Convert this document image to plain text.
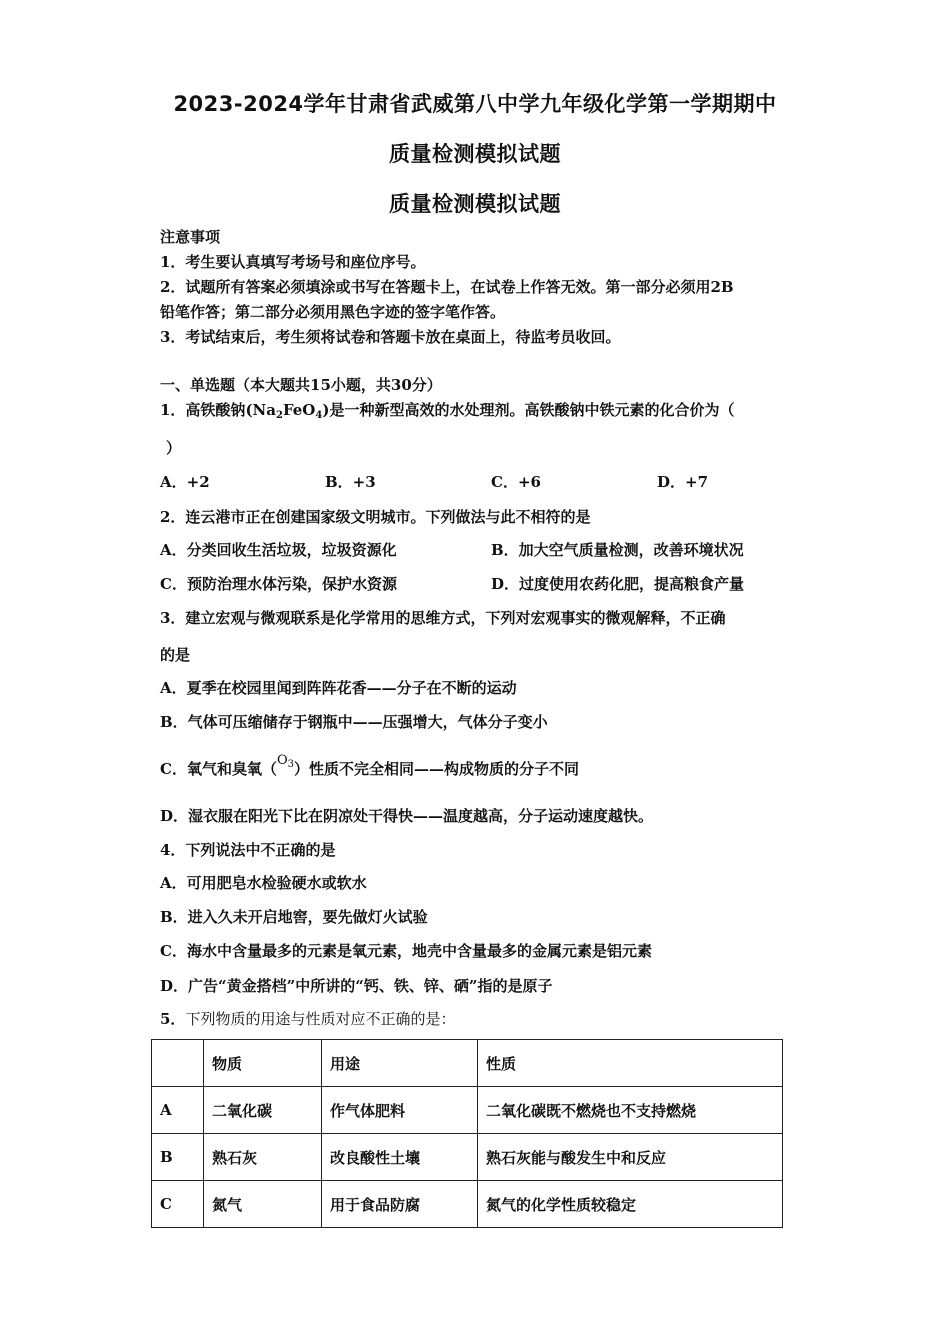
2023-2024学年甘肃省武威第八中学九年级化学第一学期期中
质量检测模拟试题
质量检测模拟试题
注意事项
1．考生要认真填写考场号和座位序号。
2．试题所有答案必须填涂或书写在答题卡上，在试卷上作答无效。第一部分必须用2B
铅笔作答；第二部分必须用黑色字迹的签字笔作答。
3．考试结束后，考生须将试卷和答题卡放在桌面上，待监考员收回。
一、单选题（本大题共15小题，共30分）
1．高铁酸钠$(Na_2FeO_4)$是一种新型高效的水处理剂。高铁酸钠中铁元素的化合价为（
）
A．+2	B．+3	C．+6	D．+7
2．连云港市正在创建国家级文明城市。下列做法与此不相符的是
A．分类回收生活垃圾，垃圾资源化	B．加大空气质量检测，改善环境状况
C．预防治理水体污染，保护水资源	D．过度使用农药化肥，提高粮食产量
3．建立宏观与微观联系是化学常用的思维方式，下列对宏观事实的微观解释，不正确
的是
A．夏季在校园里闻到阵阵花香——分子在不断的运动
B．气体可压缩储存于钢瓶中——压强增大，气体分子变小
C．氧气和臭氧$(O_3)$性质不完全相同——构成物质的分子不同
D．湿衣服在阳光下比在阴凉处干得快——温度越高，分子运动速度越快。
4．下列说法中不正确的是
A．可用肥皂水检验硬水或软水
B．进入久未开启地窖，要先做灯火试验
C．海水中含量最多的元素是氧元素，地壳中含量最多的金属元素是铝元素
D．广告“黄金搭档”中所讲的“钙、铁、锌、硒”指的是原子
5．下列物质的用途与性质对应不正确的是：
	物质	用途	性质
A	二氧化碳	作气体肥料	二氧化碳既不燃烧也不支持燃烧
B	熟石灰	改良酸性土壤	熟石灰能与酸发生中和反应
C	氮气	用于食品防腐	氮气的化学性质较稳定
